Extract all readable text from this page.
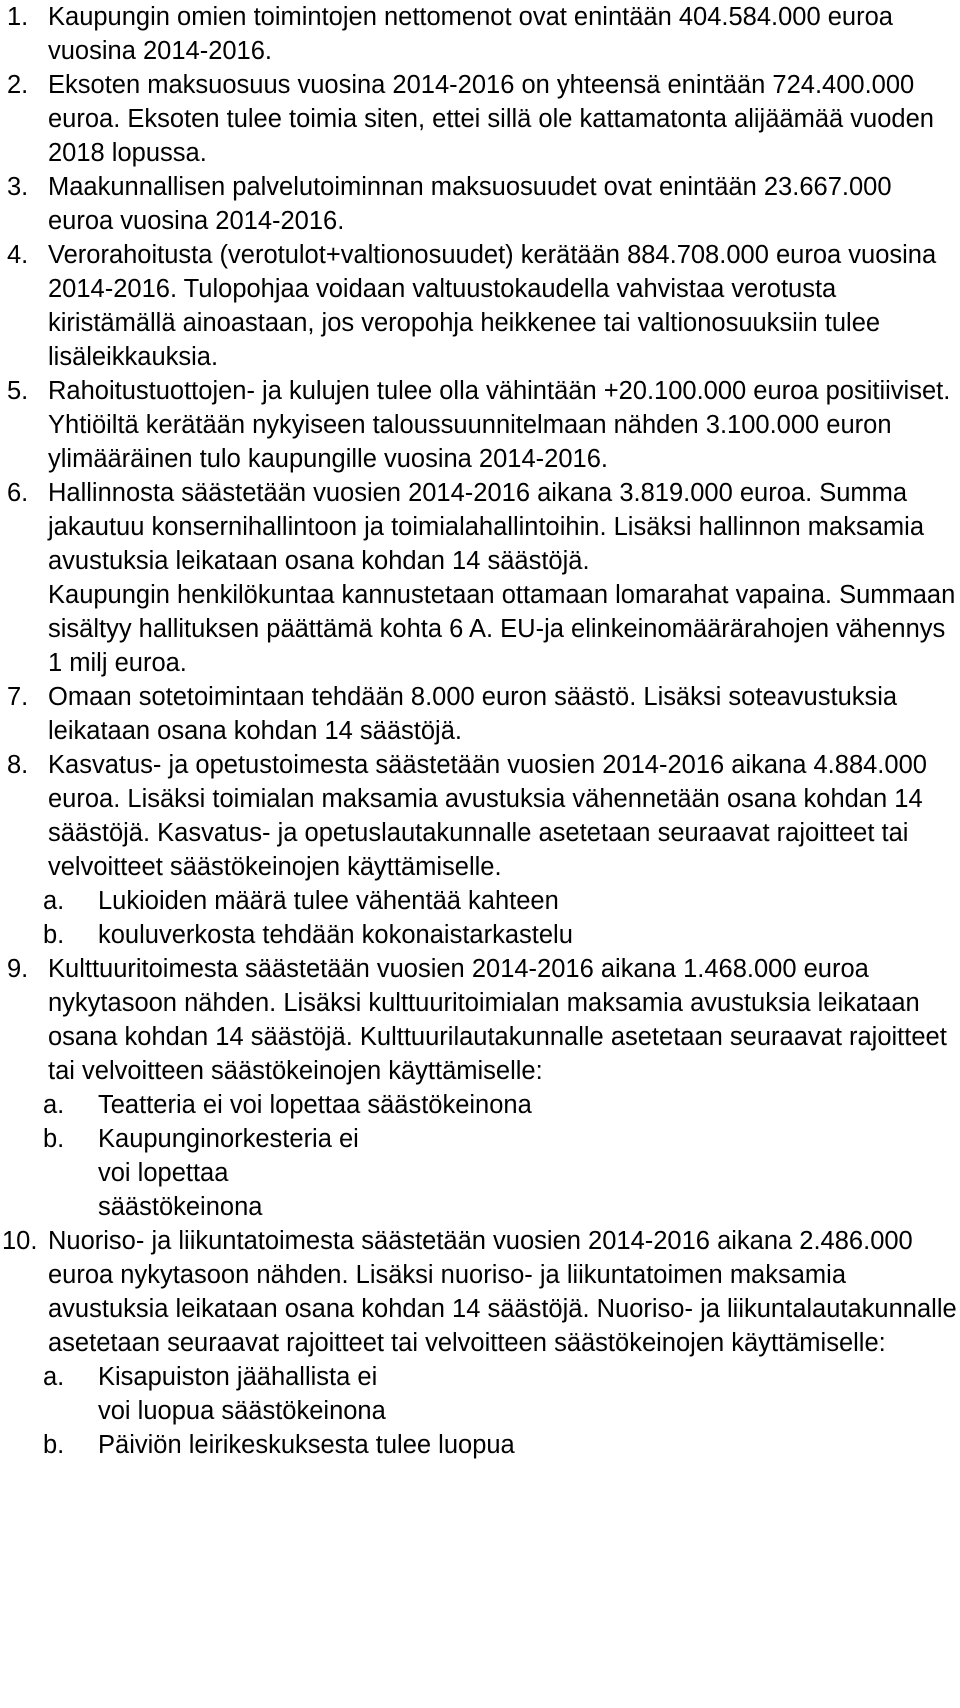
1. Kaupungin omien toimintojen nettomenot ovat enintään 404.584.000 euroa vuosina 2014-2016.
2. Eksoten maksuosuus vuosina 2014-2016 on yhteensä enintään 724.400.000 euroa. Eksoten tulee toimia siten, ettei sillä ole kattamatonta alijäämää vuoden 2018 lopussa.
3. Maakunnallisen palvelutoiminnan maksuosuudet ovat enintään 23.667.000 euroa vuosina 2014-2016.
4. Verorahoitusta (verotulot+valtionosuudet) kerätään 884.708.000 euroa vuosina 2014-2016. Tulopohjaa voidaan valtuustokaudella vahvistaa verotusta kiristämällä ainoastaan, jos veropohja heikkenee tai valtionosuuksiin tulee lisäleikkauksia.
5. Rahoitustuottojen- ja kulujen tulee olla vähintään +20.100.000 euroa positiiviset. Yhtiöiltä kerätään nykyiseen taloussuunnitelmaan nähden 3.100.000 euron ylimääräinen tulo kaupungille vuosina 2014-2016.
6. Hallinnosta säästetään vuosien 2014-2016 aikana 3.819.000 euroa. Summa jakautuu konsernihallintoon ja toimialahallintoihin. Lisäksi hallinnon maksamia avustuksia leikataan osana kohdan 14 säästöjä.
Kaupungin henkilökuntaa kannustetaan ottamaan lomarahat vapaina. Summaan sisältyy hallituksen päättämä kohta 6 A. EU-ja elinkeinomäärärahojen vähennys 1 milj euroa.
7. Omaan sotetoimintaan tehdään 8.000 euron säästö. Lisäksi soteavustuksia leikataan osana kohdan 14 säästöjä.
8. Kasvatus- ja opetustoimesta säästetään vuosien 2014-2016 aikana 4.884.000 euroa. Lisäksi toimialan maksamia avustuksia vähennetään osana kohdan 14 säästöjä. Kasvatus- ja opetuslautakunnalle asetetaan seuraavat rajoitteet tai velvoitteet säästökeinojen käyttämiselle.
a. Lukioiden määrä tulee vähentää kahteen
b. kouluverkosta tehdään kokonaistarkastelu
9. Kulttuuritoimesta säästetään vuosien 2014-2016 aikana 1.468.000 euroa nykytasoon nähden. Lisäksi kulttuuritoimialan maksamia avustuksia leikataan osana kohdan 14 säästöjä. Kulttuurilautakunnalle asetetaan seuraavat rajoitteet tai velvoitteen säästökeinojen käyttämiselle:
a. Teatteria ei voi lopettaa säästökeinona
b. Kaupunginorkesteria ei voi lopettaa säästökeinona
10. Nuoriso- ja liikuntatoimesta säästetään vuosien 2014-2016 aikana 2.486.000 euroa nykytasoon nähden. Lisäksi nuoriso- ja liikuntatoimen maksamia avustuksia leikataan osana kohdan 14 säästöjä. Nuoriso- ja liikuntalautakunnalle asetetaan seuraavat rajoitteet tai velvoitteen säästökeinojen käyttämiselle:
a. Kisapuiston jäähallista ei voi luopua säästökeinona
b. Päiviön leirikeskuksesta tulee luopua
